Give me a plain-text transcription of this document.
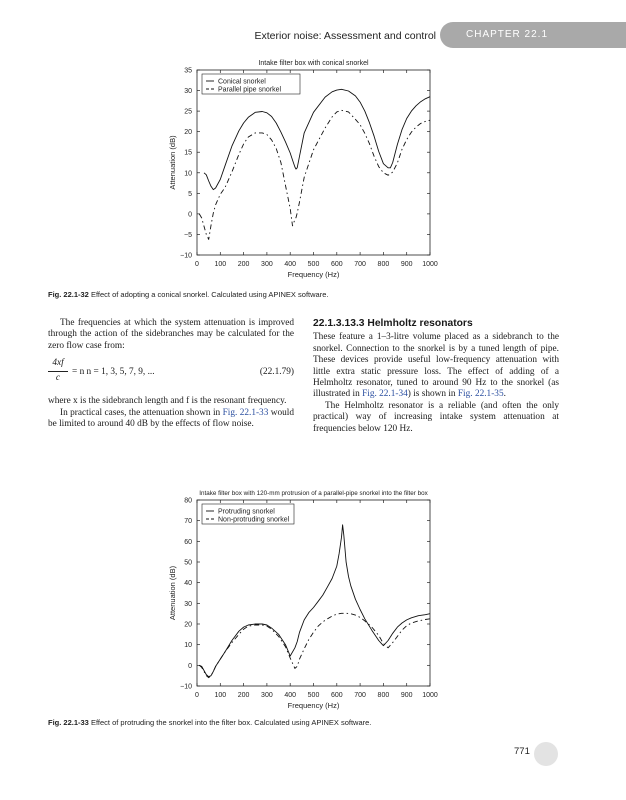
Exterior noise: Assessment and control	CHAPTER 22.1
Intake filter box with conical snorkel
0 100 200 300 400 500 600 700 800 900 1000
35
30
25
20
15
10
5
0
−5
−10
Frequency (Hz)
Attenuation (dB)
Conical snorkel
Parallel pipe snorkel
Fig. 22.1-32 Effect of adopting a conical snorkel. Calculated using APINEX software.

The frequencies at which the system attenuation is improved through the action of the sidebranches may be calculated for the zero flow case from:

$\frac{4xf}{c} = n$ n = 1, 3, 5, 7, 9, ...	(22.1.79)

where x is the sidebranch length and f is the resonant frequency.

In practical cases, the attenuation shown in Fig. 22.1-33 would be limited to around 40 dB by the effects of flow noise.

22.1.3.13.3 Helmholtz resonators

These feature a 1–3-litre volume placed as a sidebranch to the snorkel. Connection to the snorkel is by a tuned length of pipe. These devices provide useful low-frequency attenuation with little extra static pressure loss. The effect of adding of a Helmholtz resonator, tuned to around 90 Hz to the snorkel (as illustrated in Fig. 22.1-34) is shown in Fig. 22.1-35.

The Helmholtz resonator is a reliable (and often the only practical) way of increasing intake system attenuation at frequencies below 120 Hz.

Intake filter box with 120-mm protrusion of a parallel-pipe snorkel into the filter box
0 100 200 300 400 500 600 700 800 900 1000
80
70
60
50
40
30
20
10
0
−10
Frequency (Hz)
Attenuation (dB)
Protruding snorkel
Non-protruding snorkel
Fig. 22.1-33 Effect of protruding the snorkel into the filter box. Calculated using APINEX software.
771
